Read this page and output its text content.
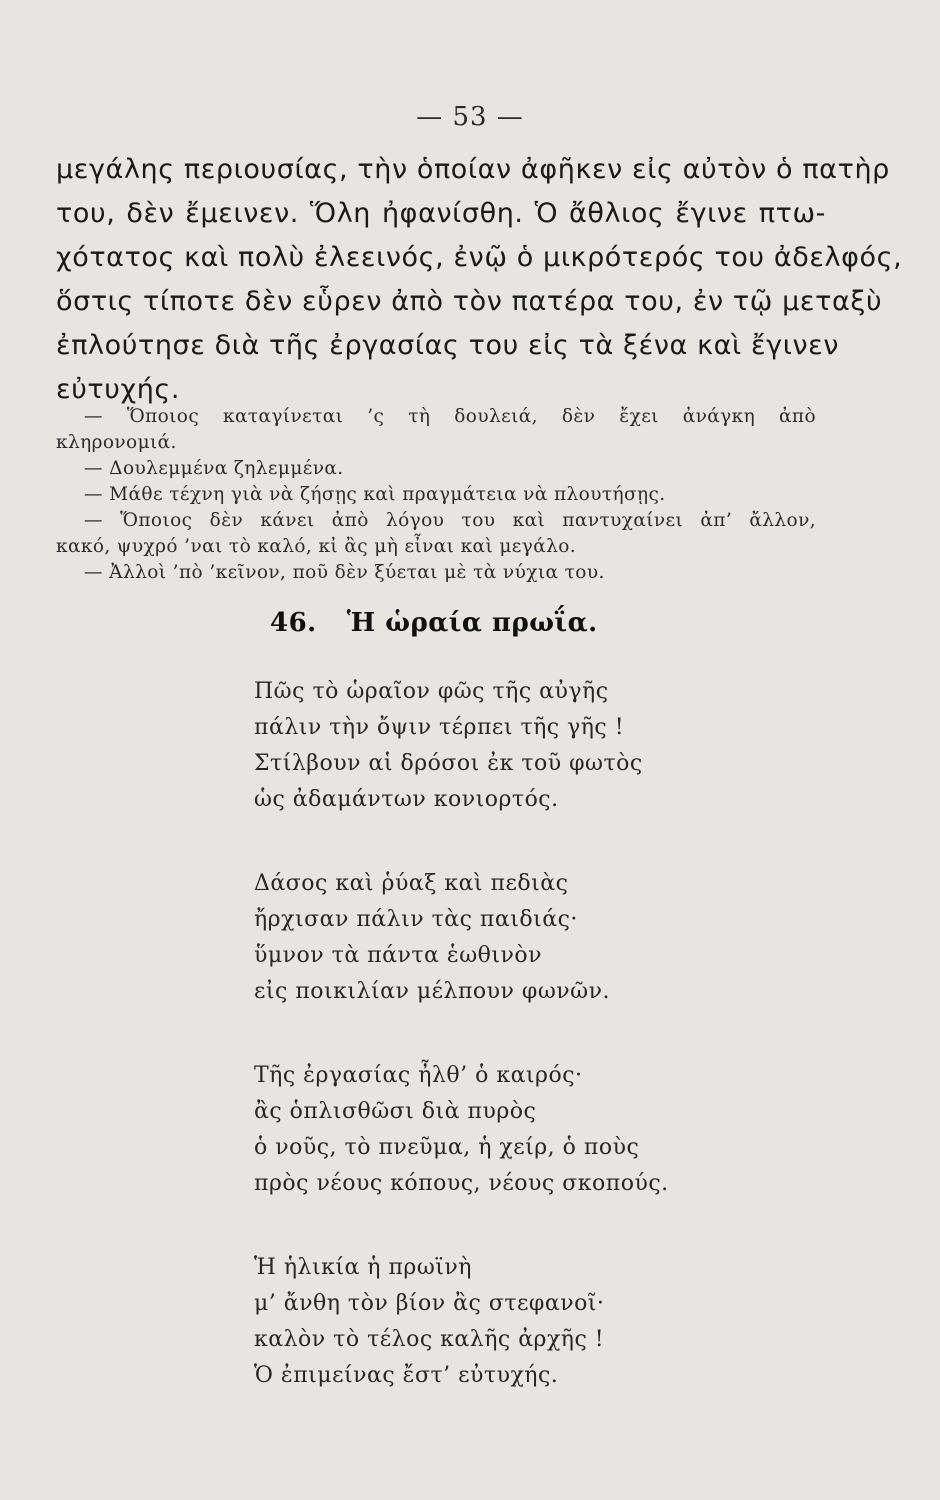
— 53 —
μεγάλης περιουσίας, τὴν ὁποίαν ἀφῆκεν εἰς αὐτὸν ὁ πατὴρ
του, δὲν ἔμεινεν. Ὅλη ἠφανίσθη. Ὁ ἄθλιος ἔγινε πτω-
χότατος καὶ πολὺ ἐλεεινός, ἐνῷ ὁ μικρότερός του ἀδελφός,
ὅστις τίποτε δὲν εὗρεν ἀπὸ τὸν πατέρα του, ἐν τῷ μεταξὺ
ἐπλούτησε διὰ τῆς ἐργασίας του εἰς τὰ ξένα καὶ ἔγινεν
εὐτυχής.
— Ὅποιος καταγίνεται ’ς τὴ δουλειά, δὲν ἔχει ἀνάγκη ἀπὸ
κληρονομιά.
— Δουλεμμένα ζηλεμμένα.
— Μάθε τέχνη γιὰ νὰ ζήσῃς καὶ πραγμάτεια νὰ πλουτήσῃς.
— Ὅποιος δὲν κάνει ἀπὸ λόγου του καὶ παντυχαίνει ἀπ’ ἄλλον,
κακό, ψυχρό ’ναι τὸ καλό, κἰ ἂς μὴ εἶναι καὶ μεγάλο.
— Ἀλλοὶ ’πὸ ’κεῖνον, ποῦ δὲν ξύεται μὲ τὰ νύχια του.
46. Ἡ ὡραία πρωΐα.
Πῶς τὸ ὡραῖον φῶς τῆς αὐγῆς
πάλιν τὴν ὄψιν τέρπει τῆς γῆς !
Στίλβουν αἱ δρόσοι ἐκ τοῦ φωτὸς
ὡς ἀδαμάντων κονιορτός.
Δάσος καὶ ῥύαξ καὶ πεδιὰς
ἤρχισαν πάλιν τὰς παιδιάς·
ὕμνον τὰ πάντα ἑωθινὸν
εἰς ποικιλίαν μέλπουν φωνῶν.
Τῆς ἐργασίας ἦλθ’ ὁ καιρός·
ἂς ὁπλισθῶσι διὰ πυρὸς
ὁ νοῦς, τὸ πνεῦμα, ἡ χείρ, ὁ ποὺς
πρὸς νέους κόπους, νέους σκοπούς.
Ἡ ἡλικία ἡ πρωϊνὴ
μ’ ἄνθη τὸν βίον ἂς στεφανοῖ·
καλὸν τὸ τέλος καλῆς ἀρχῆς !
Ὁ ἐπιμείνας ἔστ’ εὐτυχής.
